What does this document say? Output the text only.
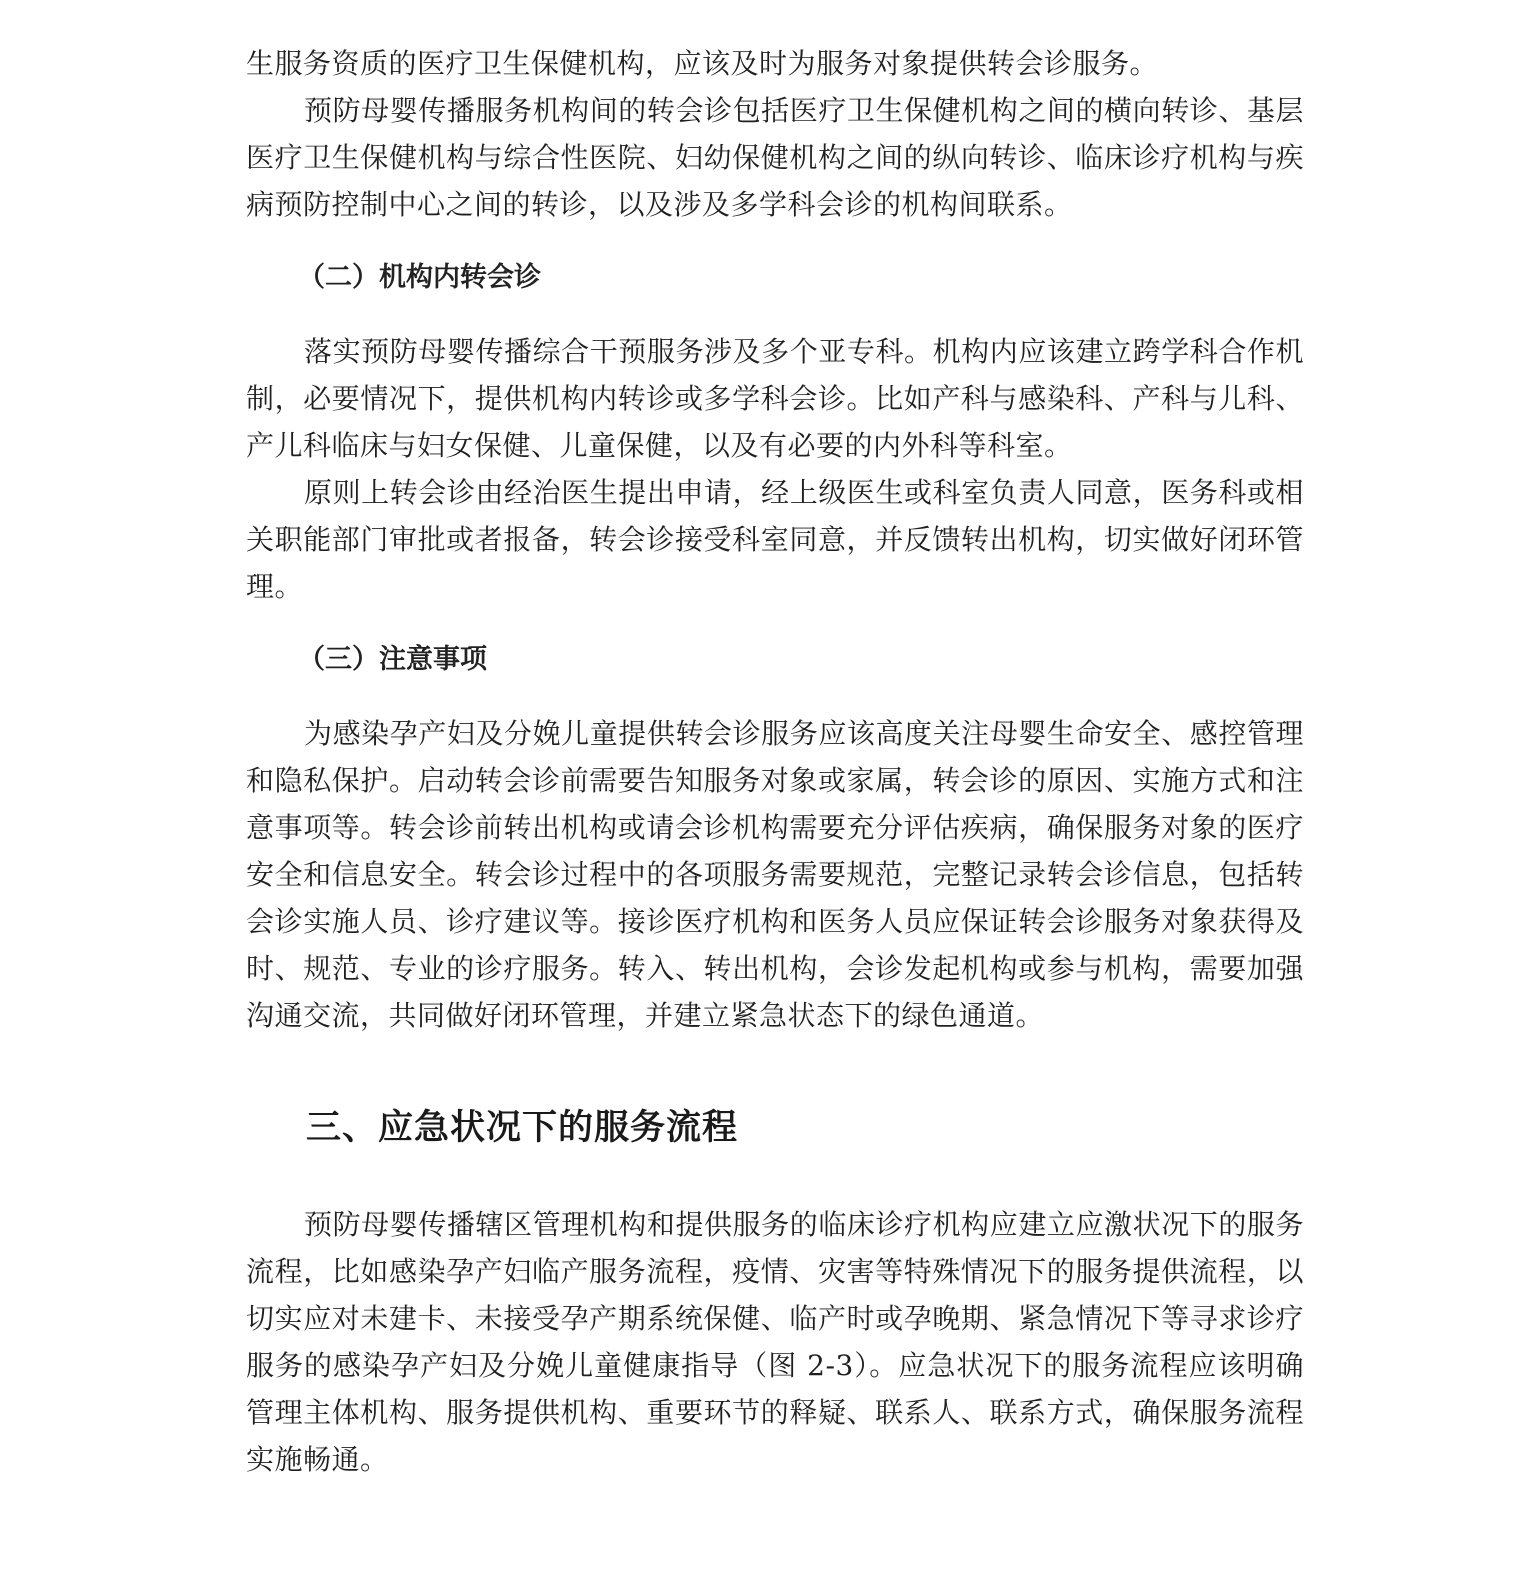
生服务资质的医疗卫生保健机构，应该及时为服务对象提供转会诊服务。

预防母婴传播服务机构间的转会诊包括医疗卫生保健机构之间的横向转诊、基层医疗卫生保健机构与综合性医院、妇幼保健机构之间的纵向转诊、临床诊疗机构与疾病预防控制中心之间的转诊，以及涉及多学科会诊的机构间联系。

（二）机构内转会诊

落实预防母婴传播综合干预服务涉及多个亚专科。机构内应该建立跨学科合作机制，必要情况下，提供机构内转诊或多学科会诊。比如产科与感染科、产科与儿科、产儿科临床与妇女保健、儿童保健，以及有必要的内外科等科室。

原则上转会诊由经治医生提出申请，经上级医生或科室负责人同意，医务科或相关职能部门审批或者报备，转会诊接受科室同意，并反馈转出机构，切实做好闭环管理。

（三）注意事项

为感染孕产妇及分娩儿童提供转会诊服务应该高度关注母婴生命安全、感控管理和隐私保护。启动转会诊前需要告知服务对象或家属，转会诊的原因、实施方式和注意事项等。转会诊前转出机构或请会诊机构需要充分评估疾病，确保服务对象的医疗安全和信息安全。转会诊过程中的各项服务需要规范，完整记录转会诊信息，包括转会诊实施人员、诊疗建议等。接诊医疗机构和医务人员应保证转会诊服务对象获得及时、规范、专业的诊疗服务。转入、转出机构，会诊发起机构或参与机构，需要加强沟通交流，共同做好闭环管理，并建立紧急状态下的绿色通道。

三、应急状况下的服务流程

预防母婴传播辖区管理机构和提供服务的临床诊疗机构应建立应激状况下的服务流程，比如感染孕产妇临产服务流程，疫情、灾害等特殊情况下的服务提供流程，以切实应对未建卡、未接受孕产期系统保健、临产时或孕晚期、紧急情况下等寻求诊疗服务的感染孕产妇及分娩儿童健康指导（图 2-3）。应急状况下的服务流程应该明确管理主体机构、服务提供机构、重要环节的释疑、联系人、联系方式，确保服务流程实施畅通。
